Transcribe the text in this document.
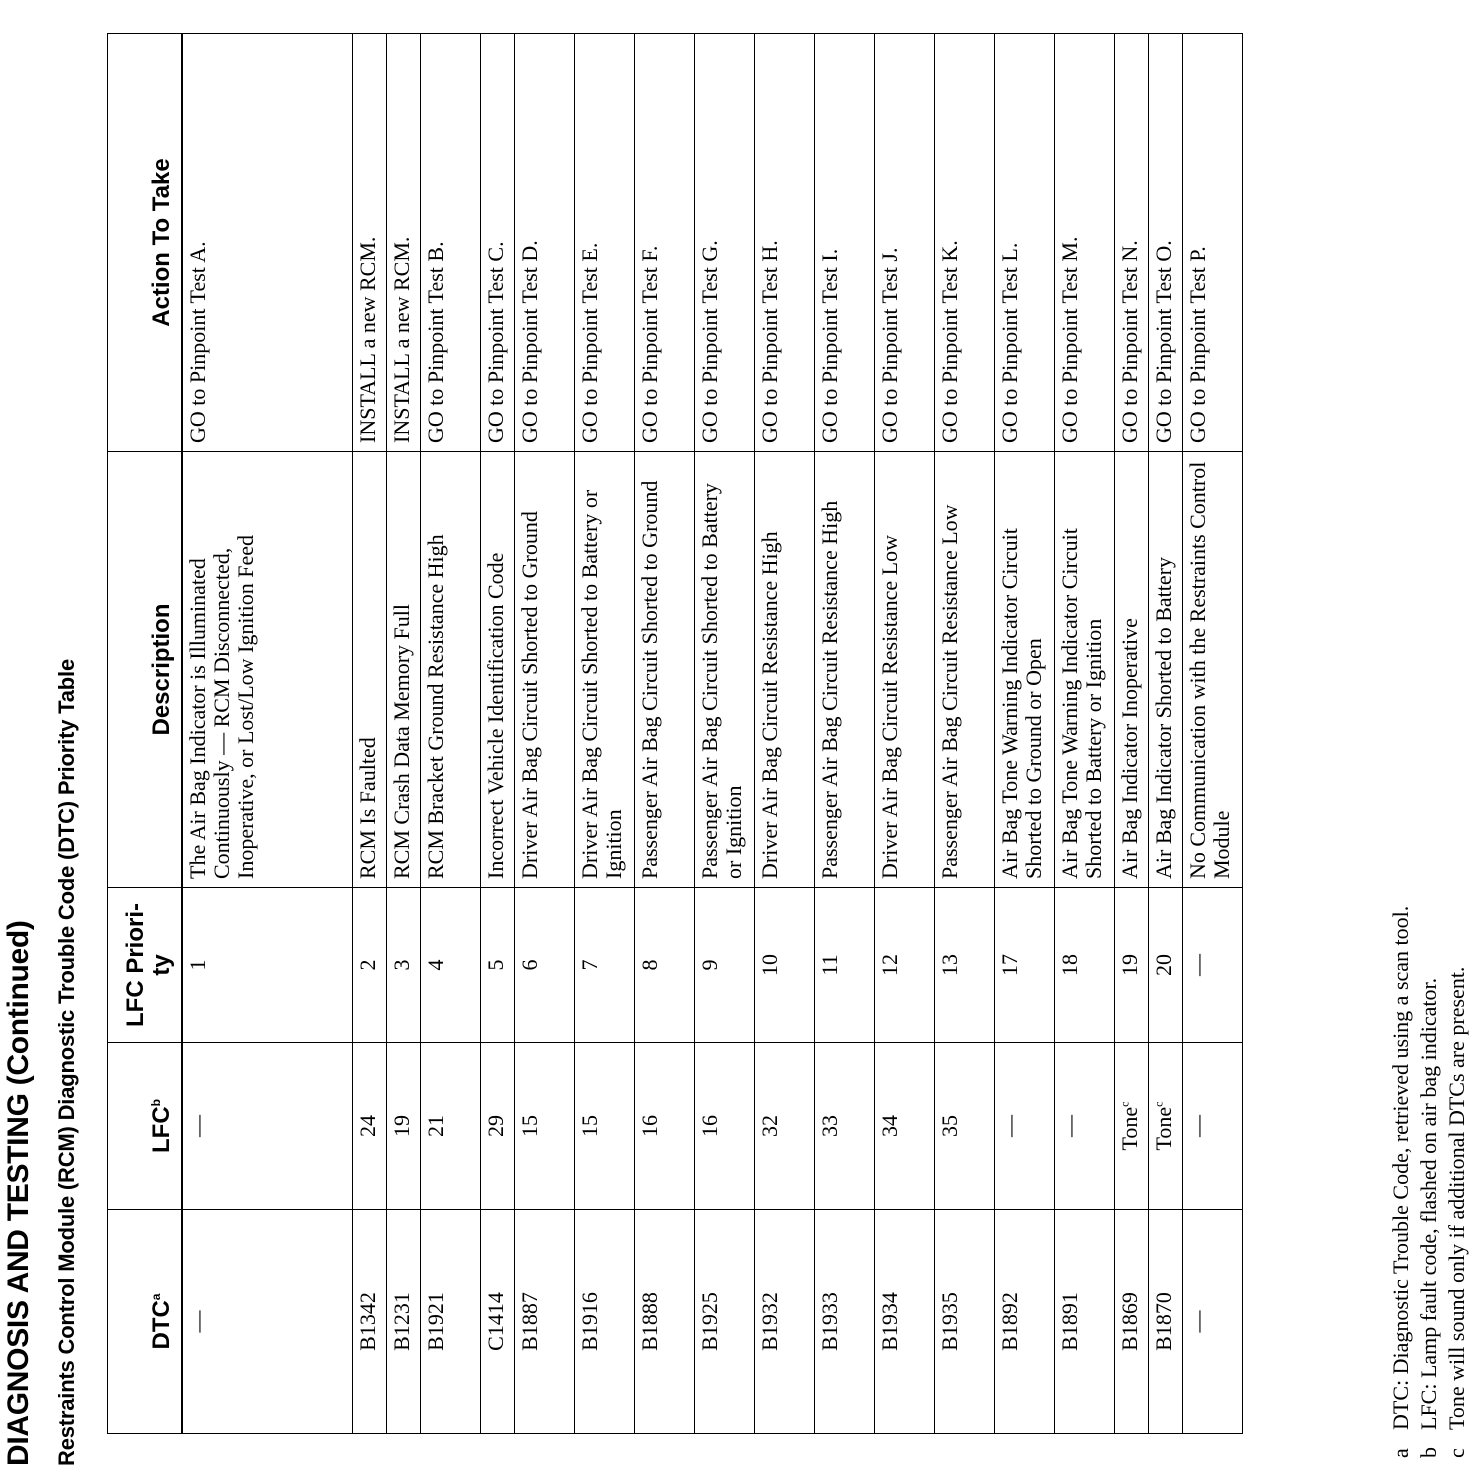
DIAGNOSIS AND TESTING (Continued) Restraints Control Module (RCM) Diagnostic Trouble Code (DTC) Priority Table	DTC$^a$	LFC$^b$	LFC Priori-ty	Description	Action To Take
—	—	1	The Air Bag Indicator is Illuminated Continuously — RCM Disconnected, Inoperative, or Lost/Low Ignition Feed	GO to Pinpoint Test A.
B1342	24	2	RCM Is Faulted	INSTALL a new RCM.
B1231	19	3	RCM Crash Data Memory Full	INSTALL a new RCM.
B1921	21	4	RCM Bracket Ground Resistance High	GO to Pinpoint Test B.
C1414	29	5	Incorrect Vehicle Identification Code	GO to Pinpoint Test C.
B1887	15	6	Driver Air Bag Circuit Shorted to Ground	GO to Pinpoint Test D.
B1916	15	7	Driver Air Bag Circuit Shorted to Battery or Ignition	GO to Pinpoint Test E.
B1888	16	8	Passenger Air Bag Circuit Shorted to Ground	GO to Pinpoint Test F.
B1925	16	9	Passenger Air Bag Circuit Shorted to Battery or Ignition	GO to Pinpoint Test G.
B1932	32	10	Driver Air Bag Circuit Resistance High	GO to Pinpoint Test H.
B1933	33	11	Passenger Air Bag Circuit Resistance High	GO to Pinpoint Test I.
B1934	34	12	Driver Air Bag Circuit Resistance Low	GO to Pinpoint Test J.
B1935	35	13	Passenger Air Bag Circuit Resistance Low	GO to Pinpoint Test K.
B1892	—	17	Air Bag Tone Warning Indicator Circuit Shorted to Ground or Open	GO to Pinpoint Test L.
B1891	—	18	Air Bag Tone Warning Indicator Circuit Shorted to Battery or Ignition	GO to Pinpoint Test M.
B1869	Tone$^c$	19	Air Bag Indicator Inoperative	GO to Pinpoint Test N.
B1870	Tone$^c$	20	Air Bag Indicator Shorted to Battery	GO to Pinpoint Test O.
—	—	—	No Communication with the Restraints Control Module	GO to Pinpoint Test P.
aDTC: Diagnostic Trouble Code, retrieved using a scan tool.
bLFC: Lamp fault code, flashed on air bag indicator.
cTone will sound only if additional DTCs are present.
